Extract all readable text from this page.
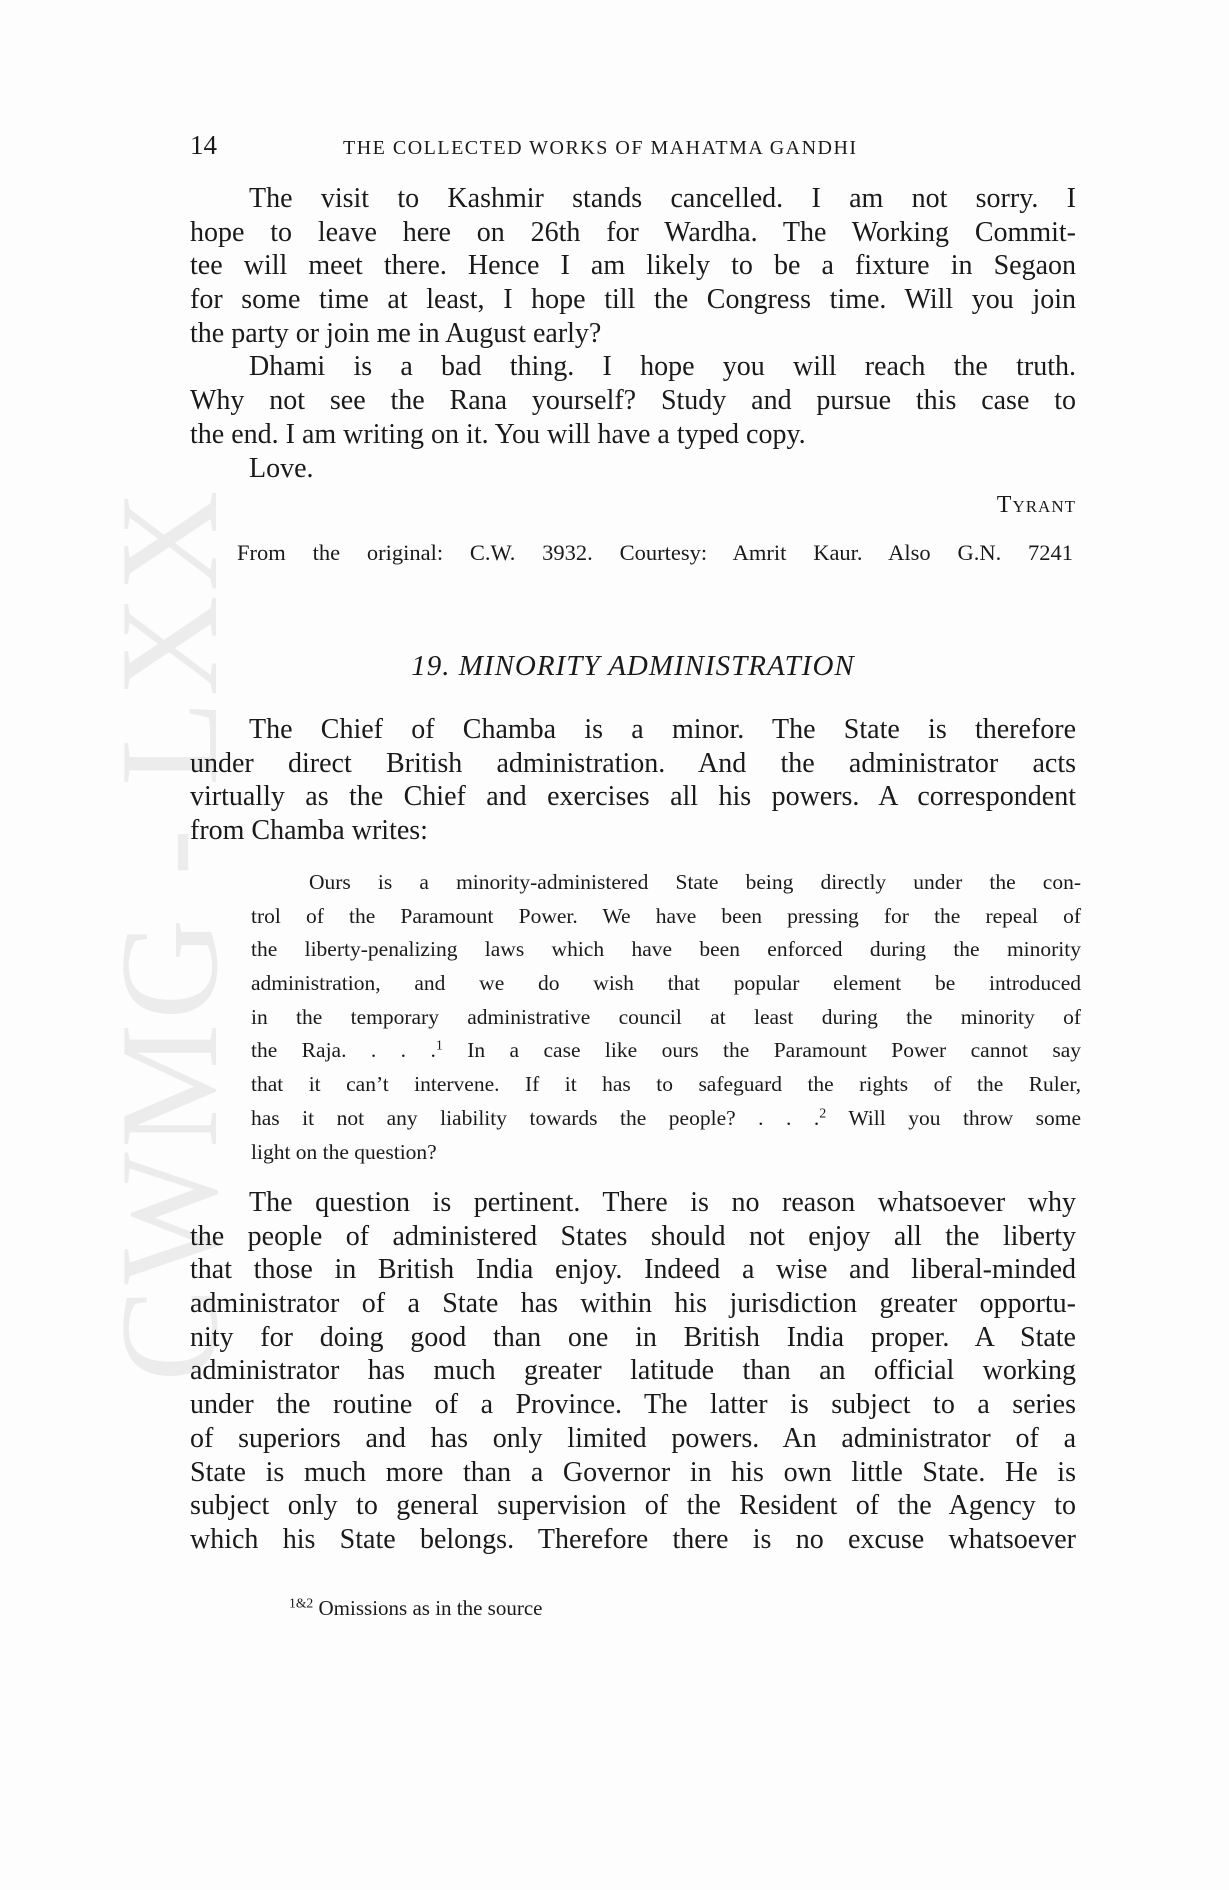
CWMG - LXX
14	THE COLLECTED WORKS OF MAHATMA GANDHI
The visit to Kashmir stands cancelled. I am not sorry. I
hope to leave here on 26th for Wardha. The Working Commit-
tee will meet there. Hence I am likely to be a fixture in Segaon
for some time at least, I hope till the Congress time. Will you join
the party or join me in August early?
Dhami is a bad thing. I hope you will reach the truth.
Why not see the Rana yourself? Study and pursue this case to
the end. I am writing on it. You will have a typed copy.
Love.
Tyrant
From the original: C.W. 3932. Courtesy: Amrit Kaur. Also G.N. 7241
19. MINORITY ADMINISTRATION
The Chief of Chamba is a minor. The State is therefore
under direct British administration. And the administrator acts
virtually as the Chief and exercises all his powers. A correspondent
from Chamba writes:
Ours is a minority-administered State being directly under the con-
trol of the Paramount Power. We have been pressing for the repeal of
the liberty-penalizing laws which have been enforced during the minority
administration, and we do wish that popular element be introduced
in the temporary administrative council at least during the minority of
the Raja. . . .$^1$ In a case like ours the Paramount Power cannot say
that it can’t intervene. If it has to safeguard the rights of the Ruler,
has it not any liability towards the people? . . .$^2$ Will you throw some
light on the question?
The question is pertinent. There is no reason whatsoever why
the people of administered States should not enjoy all the liberty
that those in British India enjoy. Indeed a wise and liberal-minded
administrator of a State has within his jurisdiction greater opportu-
nity for doing good than one in British India proper. A State
administrator has much greater latitude than an official working
under the routine of a Province. The latter is subject to a series
of superiors and has only limited powers. An administrator of a
State is much more than a Governor in his own little State. He is
subject only to general supervision of the Resident of the Agency to
which his State belongs. Therefore there is no excuse whatsoever
$^{1\&2}$ Omissions as in the source
